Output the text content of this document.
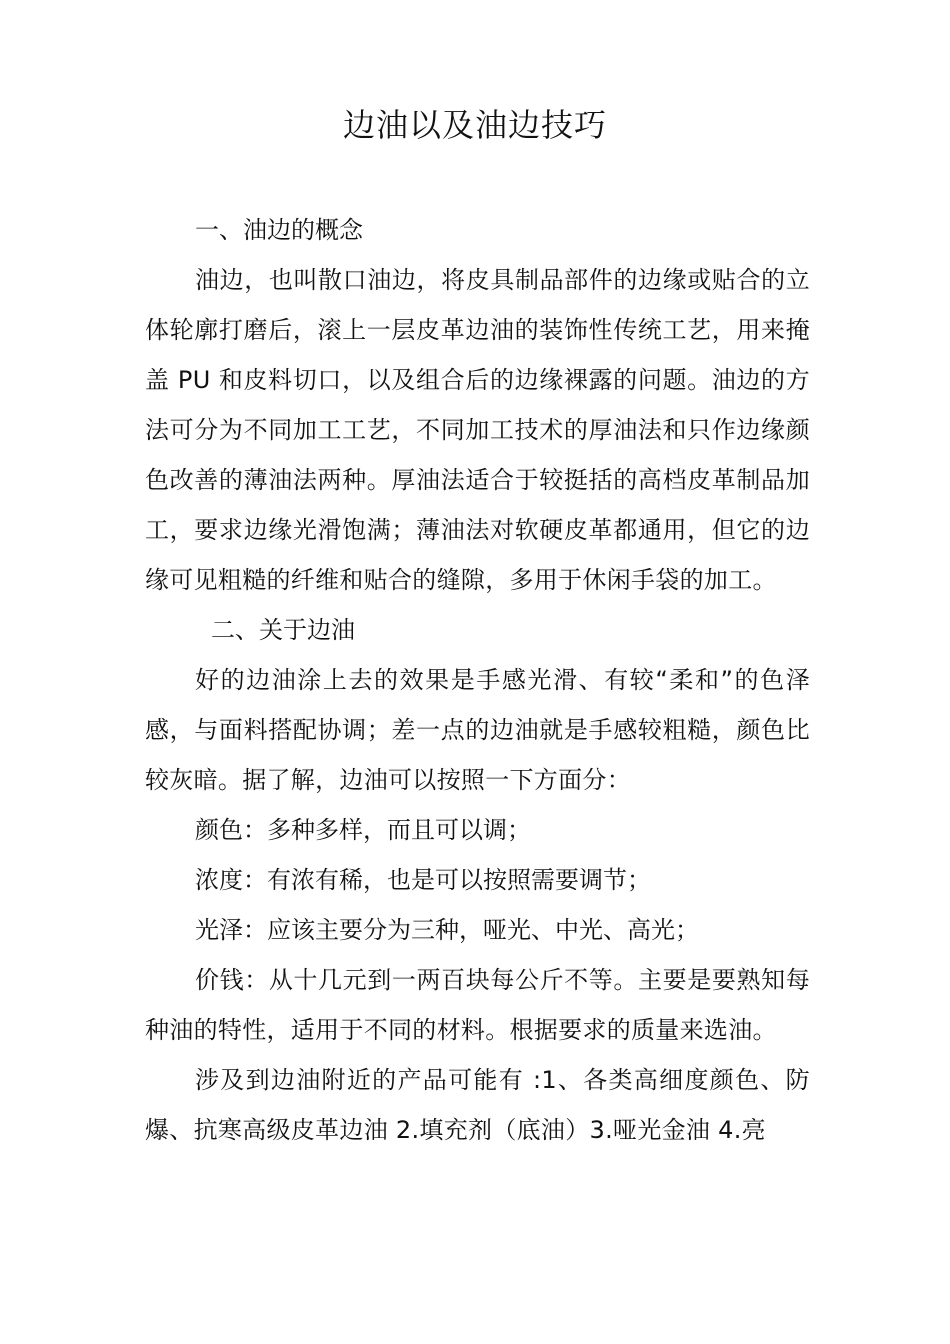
边油以及油边技巧
一、油边的概念

油边，也叫散口油边，将皮具制品部件的边缘或贴合的立体轮廓打磨后，滚上一层皮革边油的装饰性传统工艺，用来掩盖 PU 和皮料切口，以及组合后的边缘裸露的问题。油边的方法可分为不同加工工艺，不同加工技术的厚油法和只作边缘颜色改善的薄油法两种。厚油法适合于较挺括的高档皮革制品加工，要求边缘光滑饱满；薄油法对软硬皮革都通用，但它的边缘可见粗糙的纤维和贴合的缝隙，多用于休闲手袋的加工。

二、关于边油

好的边油涂上去的效果是手感光滑、有较“柔和”的色泽感，与面料搭配协调；差一点的边油就是手感较粗糙，颜色比较灰暗。据了解，边油可以按照一下方面分：

颜色：多种多样，而且可以调；

浓度：有浓有稀，也是可以按照需要调节；

光泽：应该主要分为三种，哑光、中光、高光；

价钱：从十几元到一两百块每公斤不等。主要是要熟知每种油的特性，适用于不同的材料。根据要求的质量来选油。

涉及到边油附近的产品可能有 :1、各类高细度颜色、防爆、抗寒高级皮革边油 2.填充剂（底油）3.哑光金油 4.亮
